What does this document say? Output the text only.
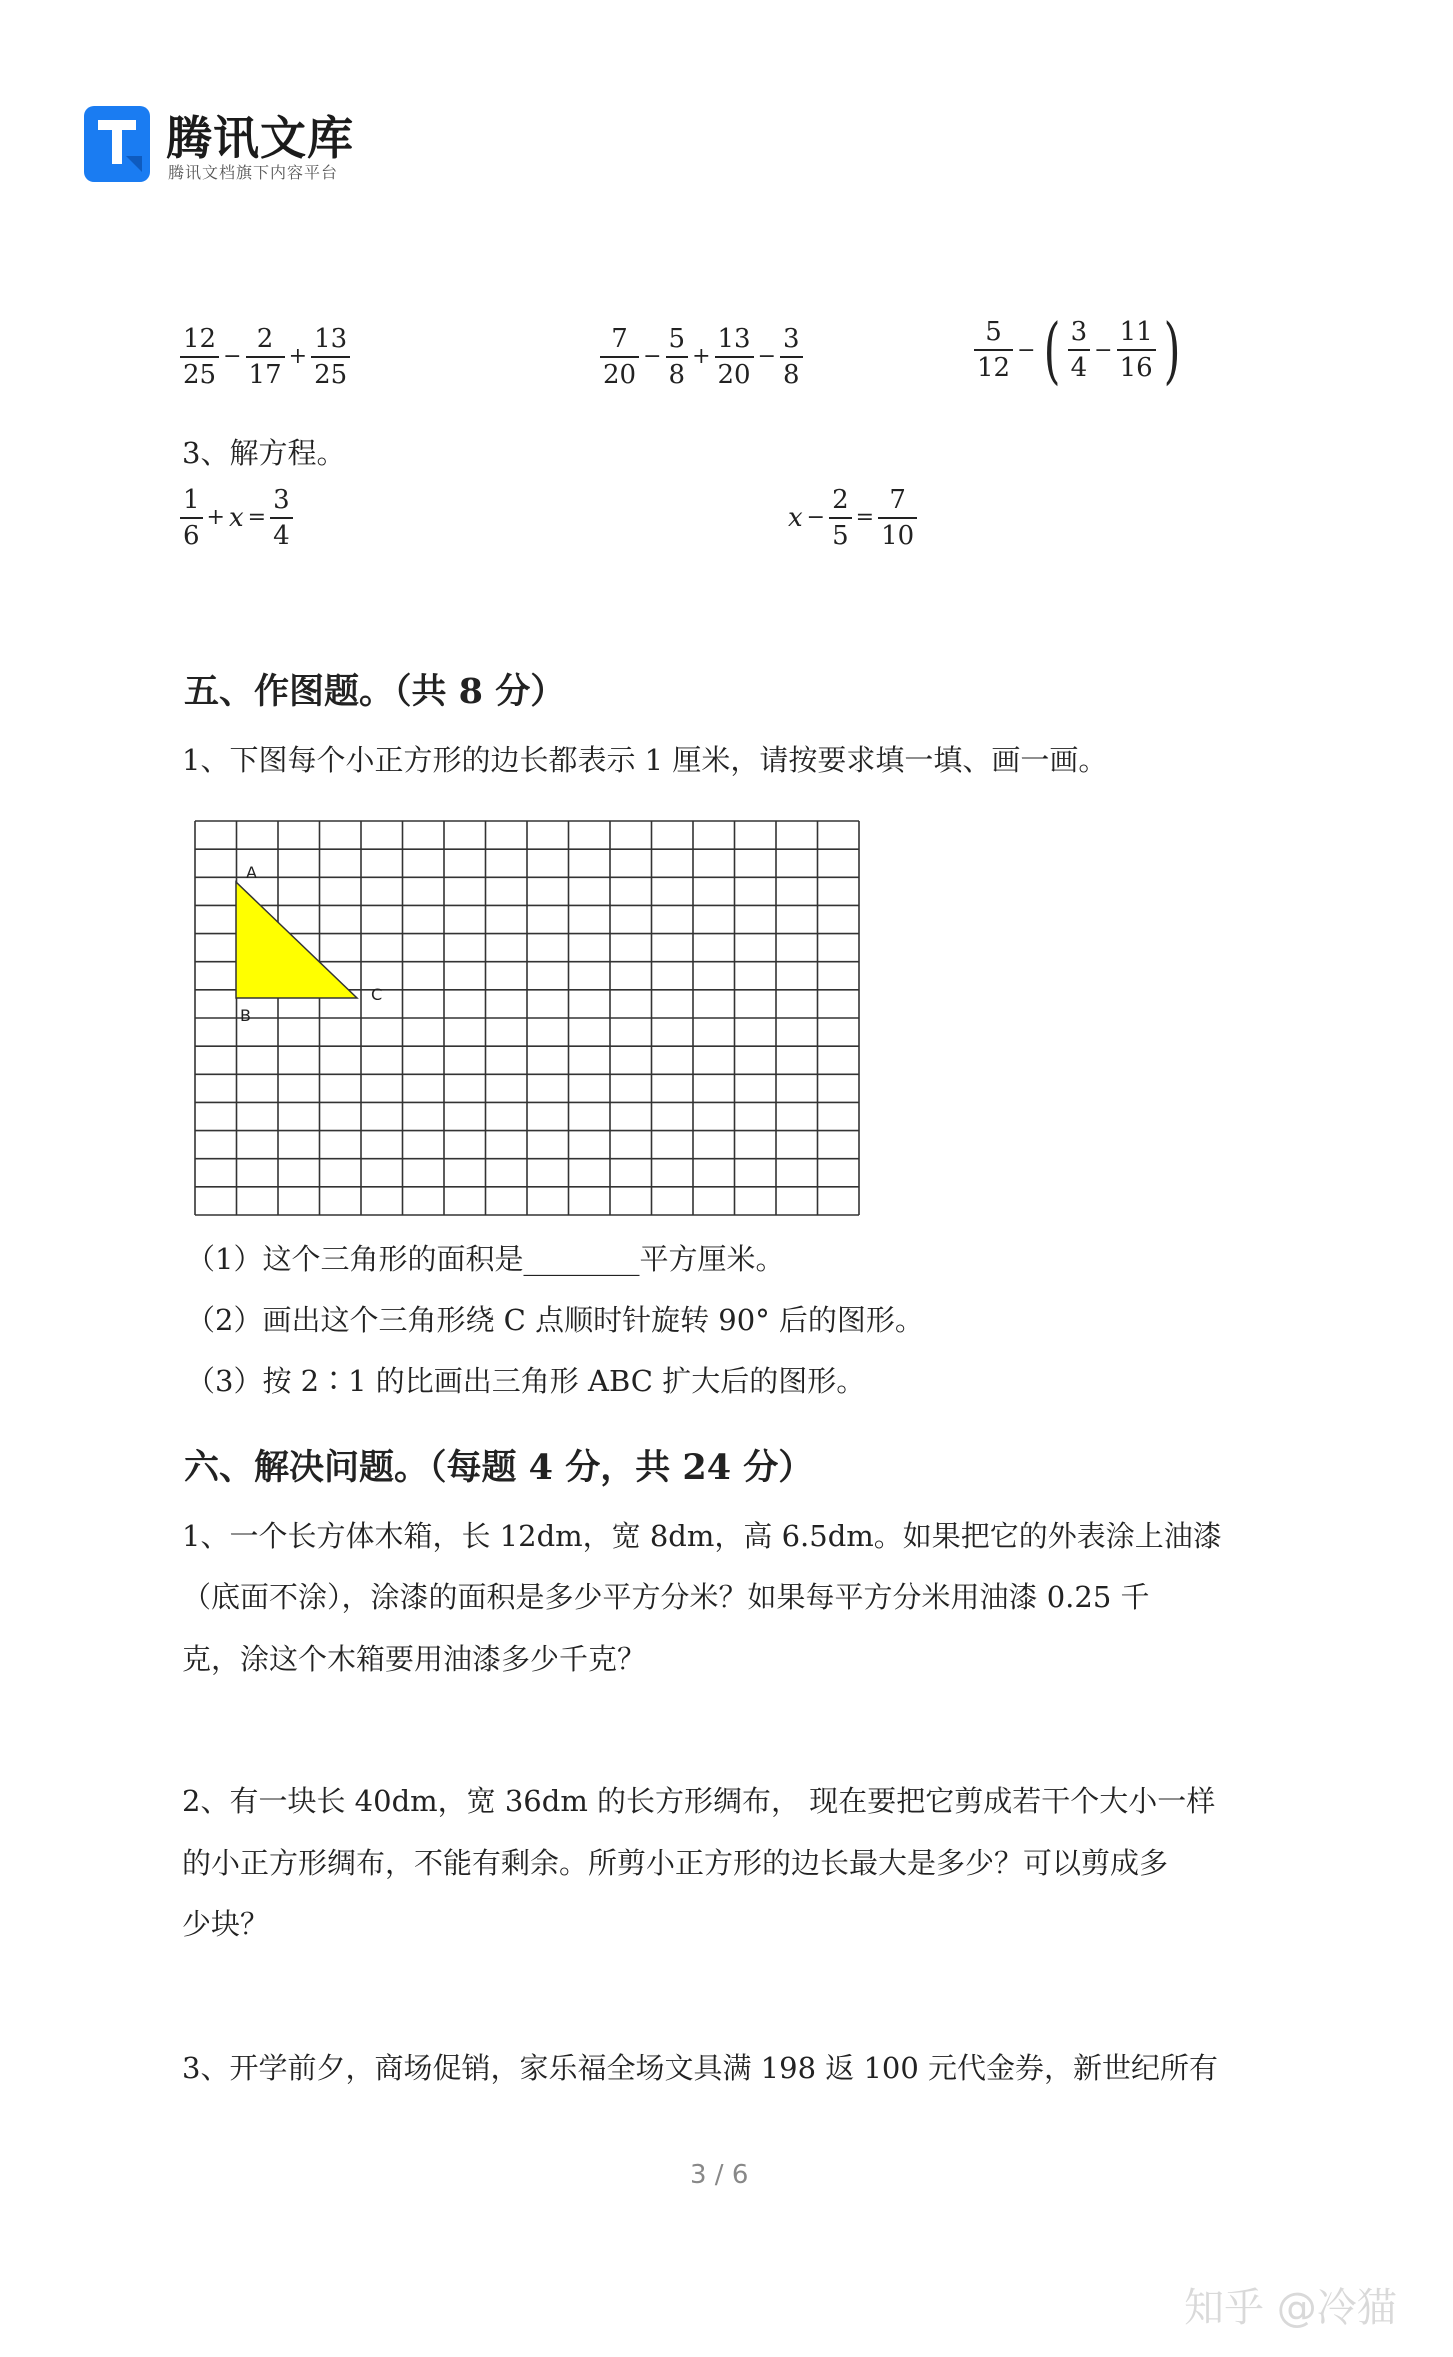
腾讯文库
腾讯文档旗下内容平台
$\frac{12}{25} - \frac{2}{17} + \frac{13}{25}$	$\frac{7}{20} - \frac{5}{8} + \frac{13}{20} - \frac{3}{8}$	$\frac{5}{12}$ − ( $\frac{3}{4} - \frac{11}{16}$ )
3、解方程。
$\frac{1}{6} + x = \frac{3}{4}$	$x - \frac{2}{5} = \frac{7}{10}$
五、作图题。（共 8 分）
1、下图每个小正方形的边长都表示 1 厘米，请按要求填一填、画一画。
A
B
C
（1）这个三角形的面积是________平方厘米。
（2）画出这个三角形绕 C 点顺时针旋转 90° 后的图形。
（3）按 2∶1 的比画出三角形 ABC 扩大后的图形。
六、解决问题。（每题 4 分，共 24 分）
1、一个长方体木箱，长 12dm，宽 8dm，高 6.5dm。如果把它的外表涂上油漆
（底面不涂），涂漆的面积是多少平方分米？如果每平方分米用油漆 0.25 千
克，涂这个木箱要用油漆多少千克？
2、有一块长 40dm，宽 36dm 的长方形绸布， 现在要把它剪成若干个大小一样
的小正方形绸布，不能有剩余。所剪小正方形的边长最大是多少？可以剪成多
少块？
3、开学前夕，商场促销，家乐福全场文具满 198 返 100 元代金券，新世纪所有
3 / 6
知乎 @冷猫
